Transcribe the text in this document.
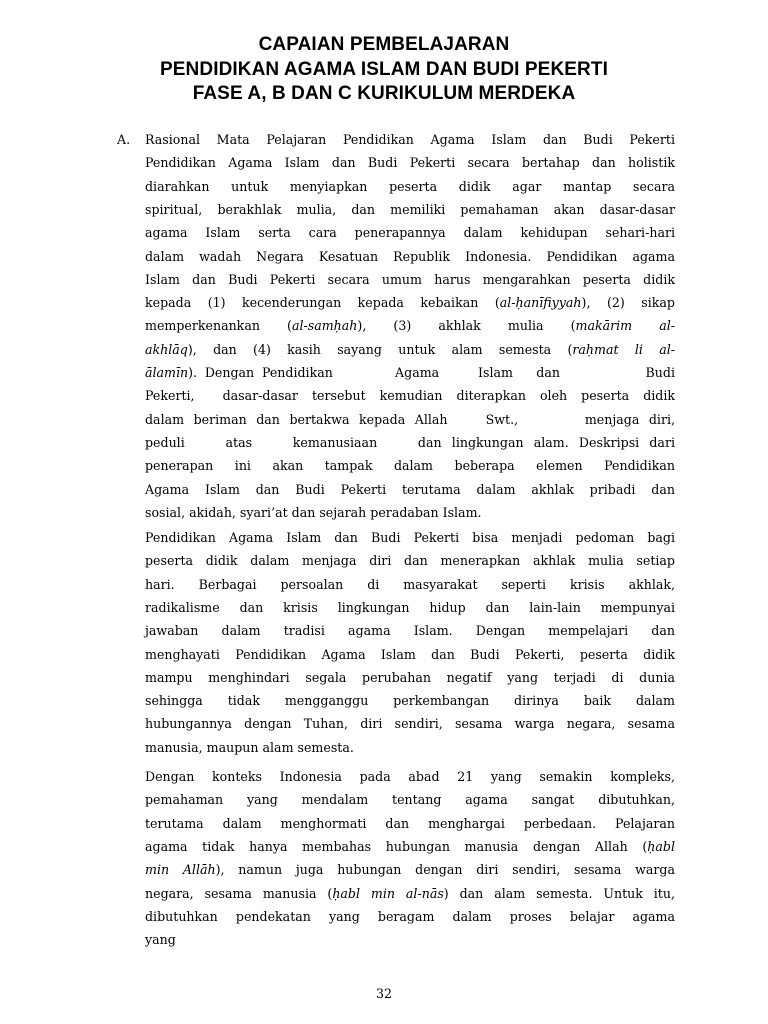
CAPAIAN PEMBELAJARAN
PENDIDIKAN AGAMA ISLAM DAN BUDI PEKERTI
FASE A, B DAN C KURIKULUM MERDEKA
A.	Rasional Mata Pelajaran Pendidikan Agama Islam dan Budi Pekerti
Pendidikan Agama Islam dan Budi Pekerti secara bertahap dan holistik
diarahkan untuk menyiapkan peserta didik agar mantap secara
spiritual, berakhlak mulia, dan memiliki pemahaman akan dasar-dasar
agama Islam serta cara penerapannya dalam kehidupan sehari-hari
dalam wadah Negara Kesatuan Republik Indonesia. Pendidikan agama
Islam dan Budi Pekerti secara umum harus mengarahkan peserta didik
kepada (1) kecenderungan kepada kebaikan (al-ḥanīfiyyah), (2) sikap
memperkenankan (al-samḥah), (3) akhlak mulia (makārim al-
akhlāq), dan (4) kasih sayang untuk alam semesta (raḥmat li al-
ālamīn). Dengan Pendidikan        Agama     Islam   dan           Budi
Pekerti,  dasar-dasar tersebut kemudian diterapkan oleh peserta didik
dalam beriman dan bertakwa kepada Allah    Swt.,       menjaga diri,
peduli    atas    kemanusiaan    dan lingkungan alam. Deskripsi dari
penerapan ini akan tampak dalam beberapa elemen Pendidikan
Agama Islam dan Budi Pekerti terutama dalam akhlak pribadi dan
sosial, akidah, syari’at dan sejarah peradaban Islam.
Pendidikan Agama Islam dan Budi Pekerti bisa menjadi pedoman bagi
peserta didik dalam menjaga diri dan menerapkan akhlak mulia setiap
hari. Berbagai persoalan di masyarakat seperti krisis akhlak,
radikalisme dan krisis lingkungan hidup dan lain-lain mempunyai
jawaban dalam tradisi agama Islam. Dengan mempelajari dan
menghayati Pendidikan Agama Islam dan Budi Pekerti, peserta didik
mampu menghindari segala perubahan negatif yang terjadi di dunia
sehingga tidak mengganggu perkembangan dirinya baik dalam
hubungannya dengan Tuhan, diri sendiri, sesama warga negara, sesama
manusia, maupun alam semesta.
Dengan konteks Indonesia pada abad 21 yang semakin kompleks,
pemahaman yang mendalam tentang agama sangat dibutuhkan,
terutama dalam menghormati dan menghargai perbedaan. Pelajaran
agama tidak hanya membahas hubungan manusia dengan Allah (ḥabl
min Allāh), namun juga hubungan dengan diri sendiri, sesama warga
negara, sesama manusia (ḥabl min al-nās) dan alam semesta. Untuk itu,
dibutuhkan pendekatan yang beragam dalam proses belajar agama
yang
32
